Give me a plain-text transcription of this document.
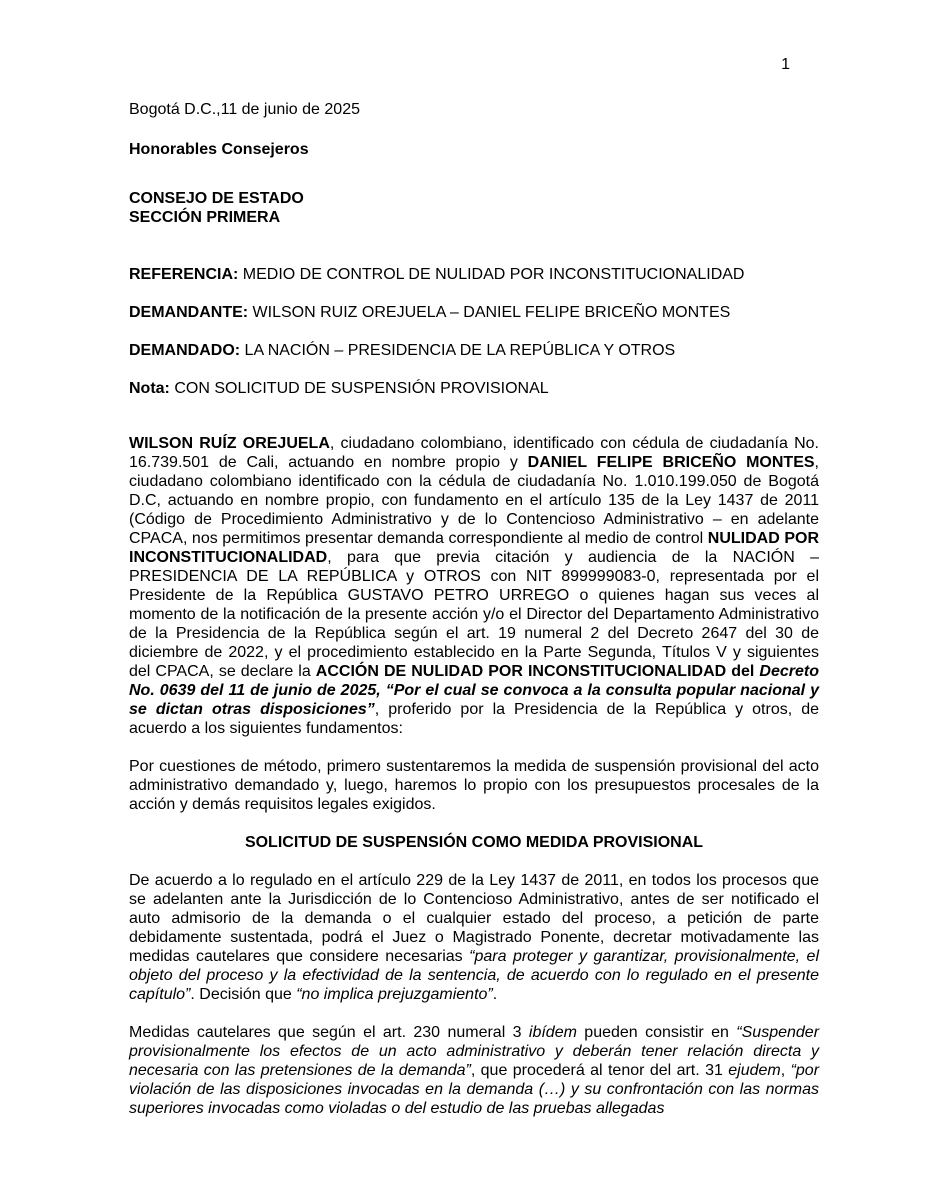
1

Bogotá D.C.,11 de junio de 2025

Honorables Consejeros

CONSEJO DE ESTADO

SECCIÓN PRIMERA

REFERENCIA: MEDIO DE CONTROL DE NULIDAD POR INCONSTITUCIONALIDAD

DEMANDANTE: WILSON RUIZ OREJUELA – DANIEL FELIPE BRICEÑO MONTES

DEMANDADO: LA NACIÓN – PRESIDENCIA DE LA REPÚBLICA Y OTROS

Nota: CON SOLICITUD DE SUSPENSIÓN PROVISIONAL

WILSON RUÍZ OREJUELA, ciudadano colombiano, identificado con cédula de ciudadanía No. 16.739.501 de Cali, actuando en nombre propio y DANIEL FELIPE BRICEÑO MONTES, ciudadano colombiano identificado con la cédula de ciudadanía No. 1.010.199.050 de Bogotá D.C, actuando en nombre propio, con fundamento en el artículo 135 de la Ley 1437 de 2011 (Código de Procedimiento Administrativo y de lo Contencioso Administrativo – en adelante CPACA, nos permitimos presentar demanda correspondiente al medio de control NULIDAD POR INCONSTITUCIONALIDAD, para que previa citación y audiencia de la NACIÓN – PRESIDENCIA DE LA REPÚBLICA y OTROS con NIT 899999083-0, representada por el Presidente de la República GUSTAVO PETRO URREGO o quienes hagan sus veces al momento de la notificación de la presente acción y/o el Director del Departamento Administrativo de la Presidencia de la República según el art. 19 numeral 2 del Decreto 2647 del 30 de diciembre de 2022, y el procedimiento establecido en la Parte Segunda, Títulos V y siguientes del CPACA, se declare la ACCIÓN DE NULIDAD POR INCONSTITUCIONALIDAD del Decreto No. 0639 del 11 de junio de 2025, “Por el cual se convoca a la consulta popular nacional y se dictan otras disposiciones”, proferido por la Presidencia de la República y otros, de acuerdo a los siguientes fundamentos:

Por cuestiones de método, primero sustentaremos la medida de suspensión provisional del acto administrativo demandado y, luego, haremos lo propio con los presupuestos procesales de la acción y demás requisitos legales exigidos.

SOLICITUD DE SUSPENSIÓN COMO MEDIDA PROVISIONAL

De acuerdo a lo regulado en el artículo 229 de la Ley 1437 de 2011, en todos los procesos que se adelanten ante la Jurisdicción de lo Contencioso Administrativo, antes de ser notificado el auto admisorio de la demanda o el cualquier estado del proceso, a petición de parte debidamente sustentada, podrá el Juez o Magistrado Ponente, decretar motivadamente las medidas cautelares que considere necesarias “para proteger y garantizar, provisionalmente, el objeto del proceso y la efectividad de la sentencia, de acuerdo con lo regulado en el presente capítulo”. Decisión que “no implica prejuzgamiento”.

Medidas cautelares que según el art. 230 numeral 3 ibídem pueden consistir en “Suspender provisionalmente los efectos de un acto administrativo y deberán tener relación directa y necesaria con las pretensiones de la demanda”, que procederá al tenor del art. 31 ejudem, “por violación de las disposiciones invocadas en la demanda (…) y su confrontación con las normas superiores invocadas como violadas o del estudio de las pruebas allegadas
